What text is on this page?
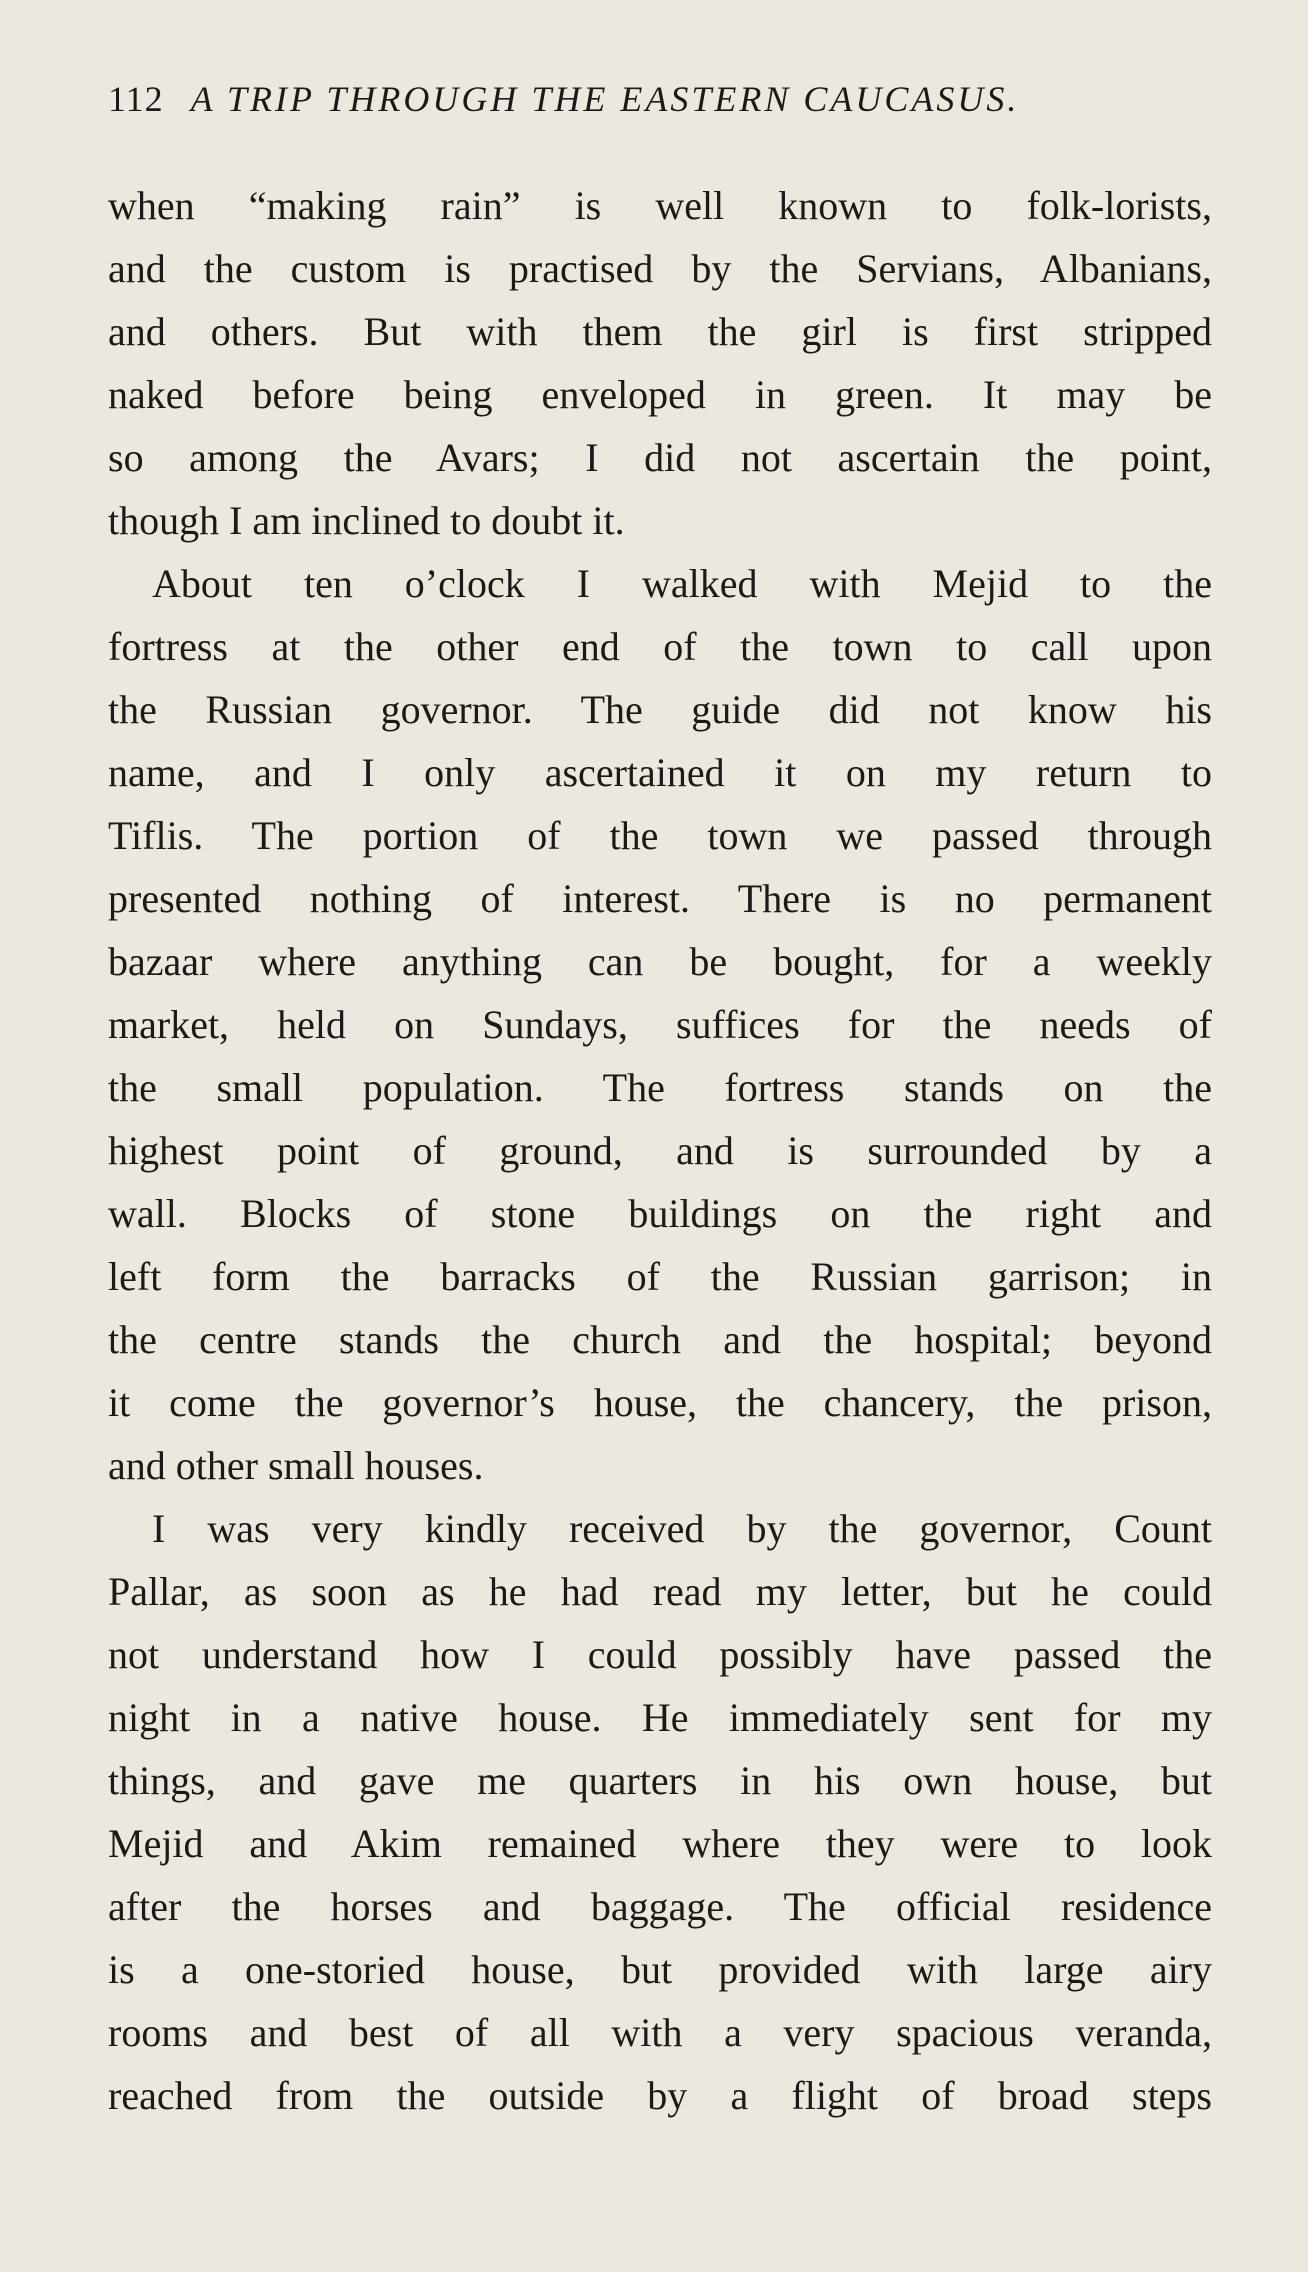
112 A TRIP THROUGH THE EASTERN CAUCASUS.
when “making rain” is well known to folk-lorists,
and the custom is practised by the Servians, Albanians,
and others. But with them the girl is first stripped
naked before being enveloped in green. It may be
so among the Avars; I did not ascertain the point,
though I am inclined to doubt it.
About ten o’clock I walked with Mejid to the
fortress at the other end of the town to call upon
the Russian governor. The guide did not know his
name, and I only ascertained it on my return to
Tiflis. The portion of the town we passed through
presented nothing of interest. There is no permanent
bazaar where anything can be bought, for a weekly
market, held on Sundays, suffices for the needs of
the small population. The fortress stands on the
highest point of ground, and is surrounded by a
wall. Blocks of stone buildings on the right and
left form the barracks of the Russian garrison; in
the centre stands the church and the hospital; beyond
it come the governor’s house, the chancery, the prison,
and other small houses.
I was very kindly received by the governor, Count
Pallar, as soon as he had read my letter, but he could
not understand how I could possibly have passed the
night in a native house. He immediately sent for my
things, and gave me quarters in his own house, but
Mejid and Akim remained where they were to look
after the horses and baggage. The official residence
is a one-storied house, but provided with large airy
rooms and best of all with a very spacious veranda,
reached from the outside by a flight of broad steps
